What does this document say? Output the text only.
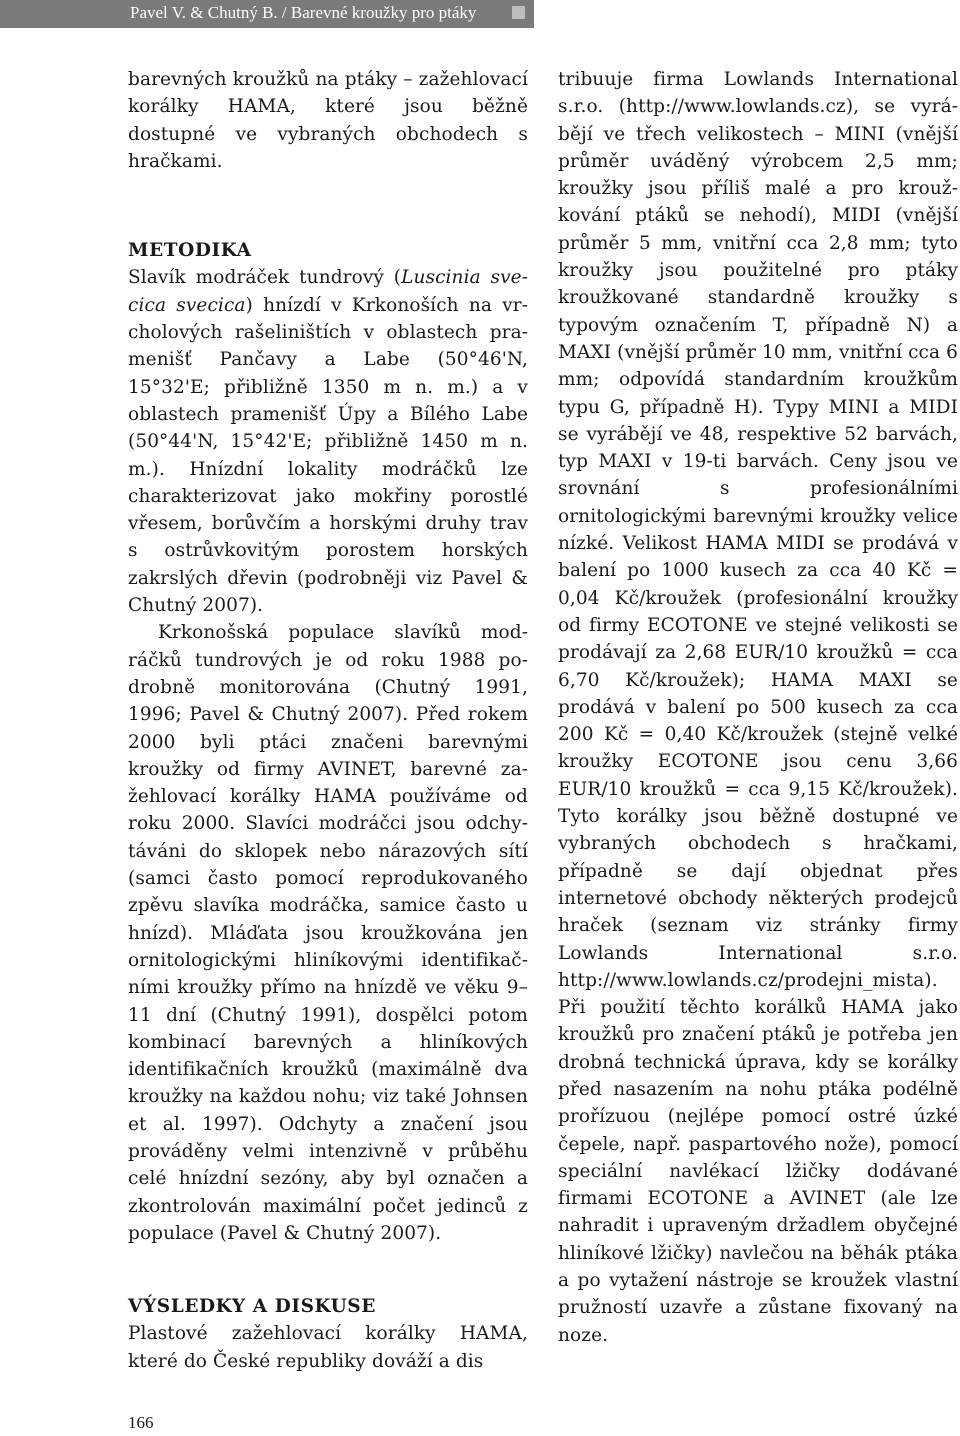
Pavel V. & Chutný B. / Barevné kroužky pro ptáky

barevných kroužků na ptáky – zažehlovací korálky HAMA, které jsou běžně dostupné ve vybraných obchodech s hračkami.

METODIKA

Slavík modráček tundrový (Luscinia svecica svecica) hnízdí v Krkonoších na vrcholových rašeliništích v oblastech pramenišť Pančavy a Labe (50°46'N, 15°32'E; přibližně 1350 m n. m.) a v oblastech pramenišť Úpy a Bílého Labe (50°44'N, 15°42'E; přibližně 1450 m n. m.). Hnízdní lokality modráčků lze charakterizovat jako mokřiny porostlé vřesem, borůvčím a horskými druhy trav s ostrůvkovitým porostem horských zakrslých dřevin (podrobněji viz Pavel & Chutný 2007).

Krkonošská populace slavíků modráčků tundrových je od roku 1988 podrobně monitorována (Chutný 1991, 1996; Pavel & Chutný 2007). Před rokem 2000 byli ptáci značeni barevnými kroužky od firmy AVINET, barevné zažehlovací korálky HAMA používáme od roku 2000. Slavíci modráčci jsou odchytáváni do sklopek nebo nárazových sítí (samci často pomocí reprodukovaného zpěvu slavíka modráčka, samice často u hnízd). Mláďata jsou kroužkována jen ornitologickými hliníkovými identifikačními kroužky přímo na hnízdě ve věku 9–11 dní (Chutný 1991), dospělci potom kombinací barevných a hliníkových identifikačních kroužků (maximálně dva kroužky na každou nohu; viz také Johnsen et al. 1997). Odchyty a značení jsou prováděny velmi intenzivně v průběhu celé hnízdní sezóny, aby byl označen a zkontrolován maximální počet jedinců z populace (Pavel & Chutný 2007).

VÝSLEDKY A DISKUSE

Plastové zažehlovací korálky HAMA, které do České republiky dováží a dis

tribuuje firma Lowlands International s.r.o. (http://www.lowlands.cz), se vyrábějí ve třech velikostech – MINI (vnější průměr uváděný výrobcem 2,5 mm; kroužky jsou příliš malé a pro kroužkování ptáků se nehodí), MIDI (vnější průměr 5 mm, vnitřní cca 2,8 mm; tyto kroužky jsou použitelné pro ptáky kroužkované standardně kroužky s typovým označením T, případně N) a MAXI (vnější průměr 10 mm, vnitřní cca 6 mm; odpovídá standardním kroužkům typu G, případně H). Typy MINI a MIDI se vyrábějí ve 48, respektive 52 barvách, typ MAXI v 19-ti barvách. Ceny jsou ve srovnání s profesionálními ornitologickými barevnými kroužky velice nízké. Velikost HAMA MIDI se prodává v balení po 1000 kusech za cca 40 Kč = 0,04 Kč/kroužek (profesionální kroužky od firmy ECOTONE ve stejné velikosti se prodávají za 2,68 EUR/10 kroužků = cca 6,70 Kč/kroužek); HAMA MAXI se prodává v balení po 500 kusech za cca 200 Kč = 0,40 Kč/kroužek (stejně velké kroužky ECOTONE jsou cenu 3,66 EUR/10 kroužků = cca 9,15 Kč/kroužek). Tyto korálky jsou běžně dostupné ve vybraných obchodech s hračkami, případně se dají objednat přes internetové obchody některých prodejců hraček (seznam viz stránky firmy Lowlands International s.r.o. http://www.lowlands.cz/prodejni_mista). Při použití těchto korálků HAMA jako kroužků pro značení ptáků je potřeba jen drobná technická úprava, kdy se korálky před nasazením na nohu ptáka podélně prořízuou (nejlépe pomocí ostré úzké čepele, např. paspartového nože), pomocí speciální navlékací lžičky dodávané firmami ECOTONE a AVINET (ale lze nahradit i upraveným držadlem obyčejné hliníkové lžičky) navlečou na běhák ptáka a po vytažení nástroje se kroužek vlastní pružností uzavře a zůstane fixovaný na noze.

166
